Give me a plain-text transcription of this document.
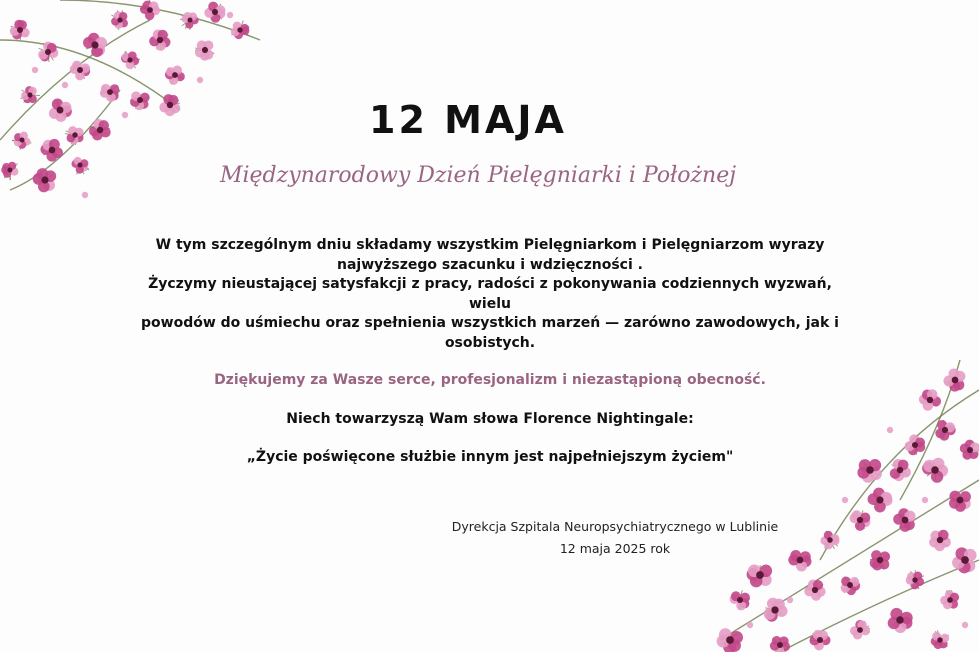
12 MAJA
Międzynarodowy Dzień Pielęgniarki i Położnej

W tym szczególnym dniu składamy wszystkim Pielęgniarkom i Pielęgniarzom wyrazy

najwyższego szacunku i wdzięczności .

Życzymy nieustającej satysfakcji z pracy, radości z pokonywania codziennych wyzwań,

wielu

powodów do uśmiechu oraz spełnienia wszystkich marzeń — zarówno zawodowych, jak i

osobistych.

Dziękujemy za Wasze serce, profesjonalizm i niezastąpioną obecność.
Niech towarzyszą Wam słowa Florence Nightingale:
„Życie poświęcone służbie innym jest najpełniejszym życiem"
Dyrekcja Szpitala Neuropsychiatrycznego w Lublinie
12 maja 2025 rok
